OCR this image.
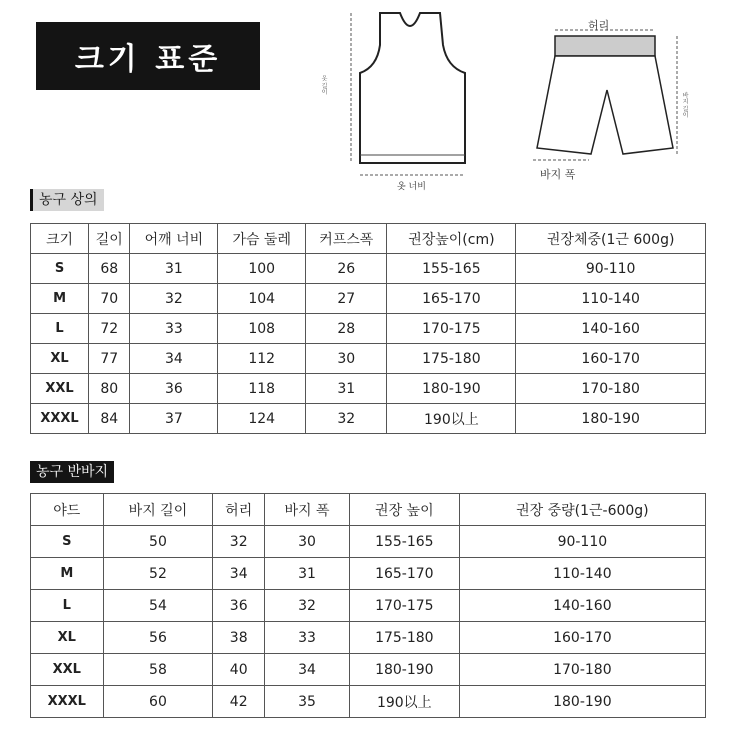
크기 표준
옷 길이
옷 너비
허리
바지 길이
바지 폭
농구 상의
크기	길이	어깨 너비	가슴 둘레	커프스폭	권장높이(cm)	권장체중(1근 600g)
S	68	31	100	26	155-165	90-110
M	70	32	104	27	165-170	110-140
L	72	33	108	28	170-175	140-160
XL	77	34	112	30	175-180	160-170
XXL	80	36	118	31	180-190	170-180
XXXL	84	37	124	32	190以上	180-190
농구 반바지
야드	바지 길이	허리	바지 폭	권장 높이	권장 중량(1근-600g)
S	50	32	30	155-165	90-110
M	52	34	31	165-170	110-140
L	54	36	32	170-175	140-160
XL	56	38	33	175-180	160-170
XXL	58	40	34	180-190	170-180
XXXL	60	42	35	190以上	180-190
